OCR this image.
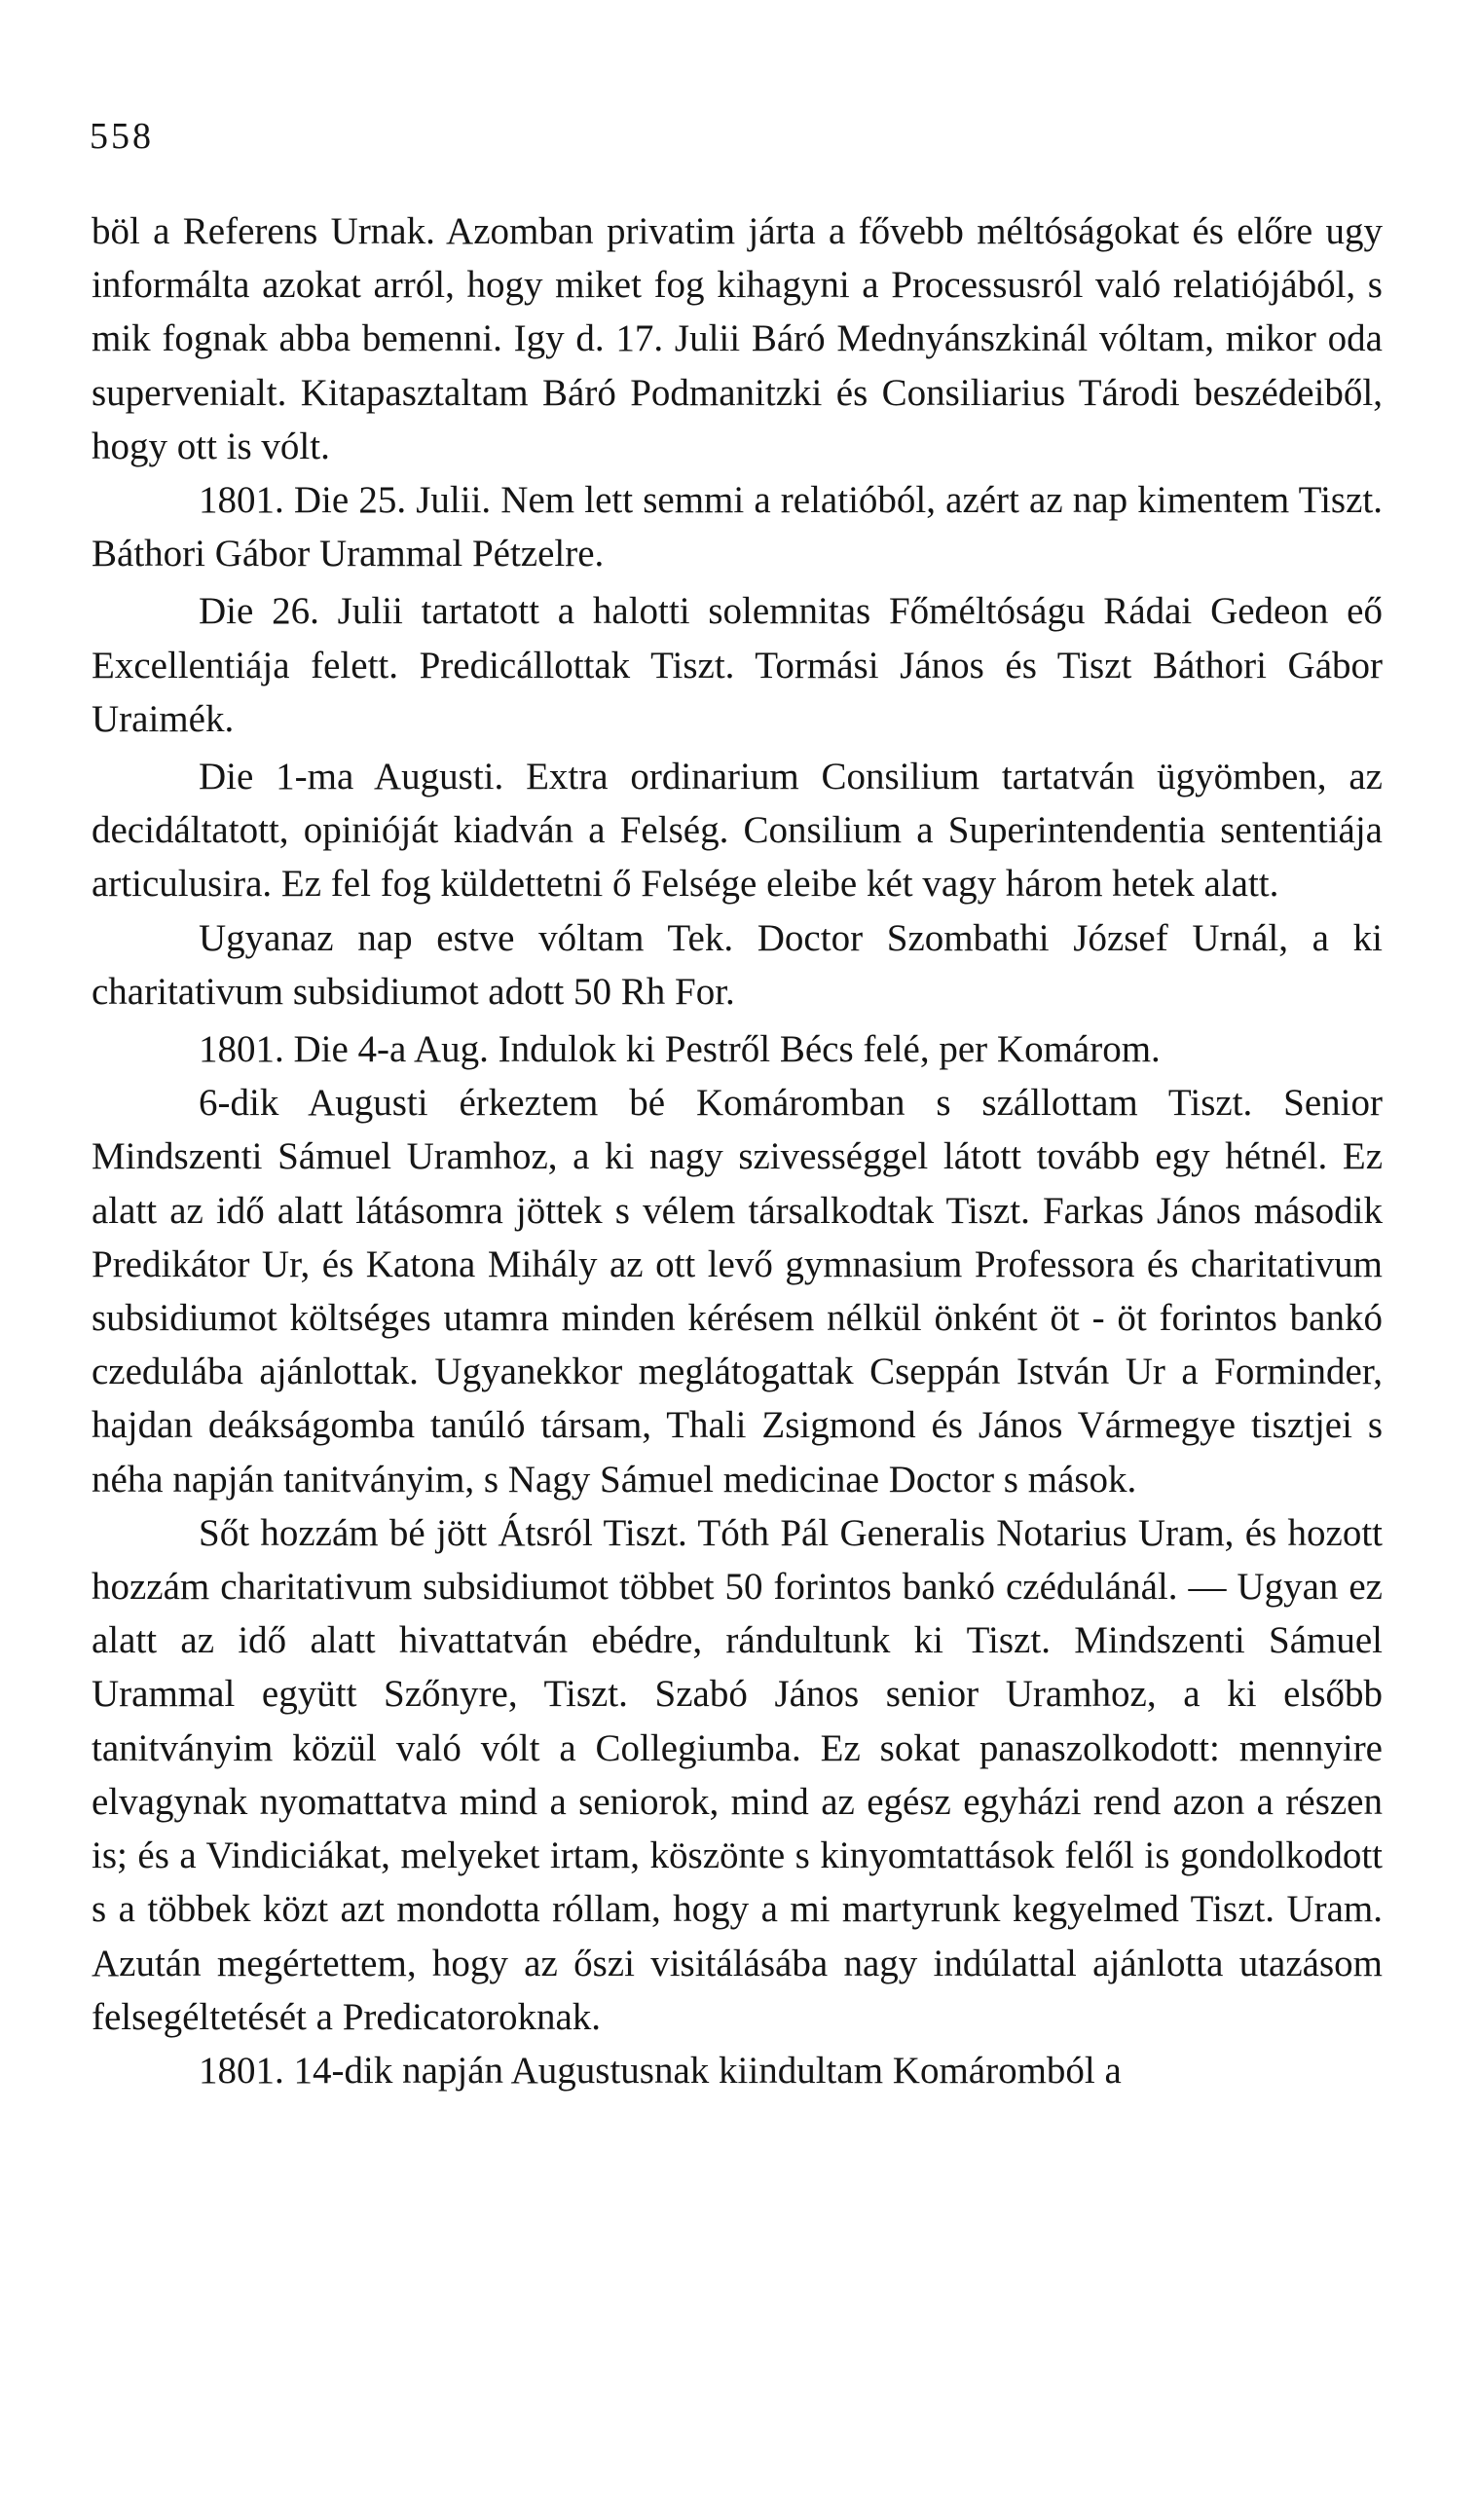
558

böl a Referens Urnak. Azomban privatim járta a fővebb méltóságokat és előre ugy informálta azokat arról, hogy miket fog kihagyni a Processusról való relatiójából, s mik fognak abba bemenni. Igy d. 17. Julii Báró Mednyánszkinál vóltam, mikor oda supervenialt. Kitapasztaltam Báró Podmanitzki és Consiliarius Tárodi beszédeiből, hogy ott is vólt.

1801. Die 25. Julii. Nem lett semmi a relatióból, azért az nap kimentem Tiszt. Báthori Gábor Urammal Pétzelre.

Die 26. Julii tartatott a halotti solemnitas Főméltóságu Rádai Gedeon eő Excellentiája felett. Predicállottak Tiszt. Tormási János és Tiszt Báthori Gábor Uraimék.

Die 1-ma Augusti. Extra ordinarium Consilium tartatván ügyömben, az decidáltatott, opinióját kiadván a Felség. Consilium a Superintendentia sententiája articulusira. Ez fel fog küldettetni ő Felsége eleibe két vagy három hetek alatt.

Ugyanaz nap estve vóltam Tek. Doctor Szombathi József Urnál, a ki charitativum subsidiumot adott 50 Rh For.

1801. Die 4-a Aug. Indulok ki Pestről Bécs felé, per Komárom.

6-dik Augusti érkeztem bé Komáromban s szállottam Tiszt. Senior Mindszenti Sámuel Uramhoz, a ki nagy szivességgel látott tovább egy hétnél. Ez alatt az idő alatt látásomra jöttek s vélem társalkodtak Tiszt. Farkas János második Predikátor Ur, és Katona Mihály az ott levő gymnasium Professora és charitativum subsidiumot költséges utamra minden kérésem nélkül önként öt - öt forintos bankó czedulába ajánlottak. Ugyanekkor meglátogattak Cseppán István Ur a Forminder, hajdan deákságomba tanúló társam, Thali Zsigmond és János Vármegye tisztjei s néha napján tanitványim, s Nagy Sámuel medicinae Doctor s mások.

Sőt hozzám bé jött Átsról Tiszt. Tóth Pál Generalis Notarius Uram, és hozott hozzám charitativum subsidiumot többet 50 forintos bankó czédulánál. — Ugyan ez alatt az idő alatt hivattatván ebédre, rándultunk ki Tiszt. Mindszenti Sámuel Urammal együtt Szőnyre, Tiszt. Szabó János senior Uramhoz, a ki elsőbb tanitványim közül való vólt a Collegiumba. Ez sokat panaszolkodott: mennyire elvagynak nyomattatva mind a seniorok, mind az egész egyházi rend azon a részen is; és a Vindiciákat, melyeket irtam, köszönte s kinyomtattások felől is gondolkodott s a többek közt azt mondotta róllam, hogy a mi martyrunk kegyelmed Tiszt. Uram. Azután megértettem, hogy az őszi visitálásába nagy indúlattal ajánlotta utazásom felsegéltetését a Predicatoroknak.

1801. 14-dik napján Augustusnak kiindultam Komáromból a
